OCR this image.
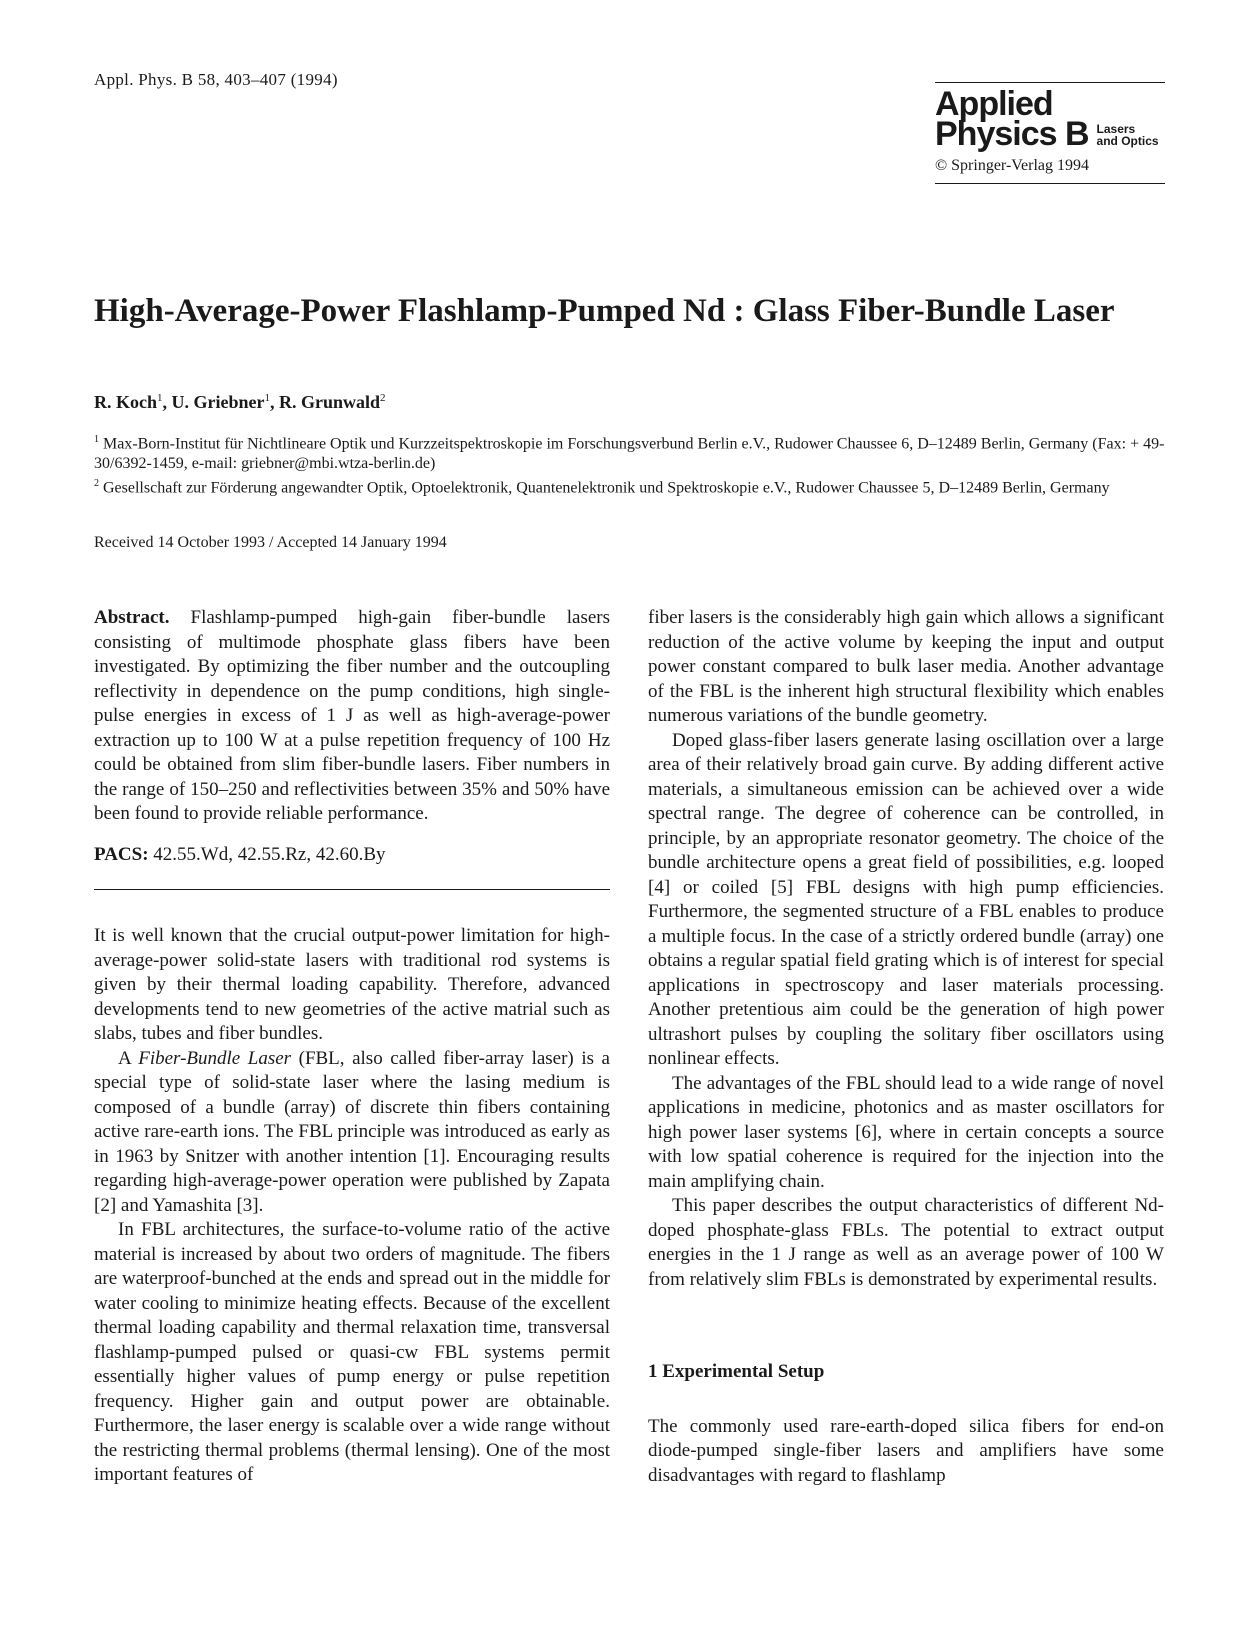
Appl. Phys. B 58, 403–407 (1994)
Applied
Physics B Lasers
and Optics
© Springer-Verlag 1994
High-Average-Power Flashlamp-Pumped Nd : Glass Fiber-Bundle Laser
R. Koch$^1$, U. Griebner$^1$, R. Grunwald$^2$

$^1$ Max-Born-Institut für Nichtlineare Optik und Kurzzeitspektroskopie im Forschungsverbund Berlin e.V., Rudower Chaussee 6, D–12489 Berlin, Germany (Fax: + 49-30/6392-1459, e-mail: griebner@mbi.wtza-berlin.de)

$^2$ Gesellschaft zur Förderung angewandter Optik, Optoelektronik, Quantenelektronik und Spektroskopie e.V., Rudower Chaussee 5, D–12489 Berlin, Germany

Received 14 October 1993 / Accepted 14 January 1994

Abstract. Flashlamp-pumped high-gain fiber-bundle lasers consisting of multimode phosphate glass fibers have been investigated. By optimizing the fiber number and the outcoupling reflectivity in dependence on the pump conditions, high single-pulse energies in excess of 1 J as well as high-average-power extraction up to 100 W at a pulse repetition frequency of 100 Hz could be obtained from slim fiber-bundle lasers. Fiber numbers in the range of 150–250 and reflectivities between 35% and 50% have been found to provide reliable performance.

PACS: 42.55.Wd, 42.55.Rz, 42.60.By

It is well known that the crucial output-power limitation for high-average-power solid-state lasers with traditional rod systems is given by their thermal loading capability. Therefore, advanced developments tend to new geometries of the active matrial such as slabs, tubes and fiber bundles.

A Fiber-Bundle Laser (FBL, also called fiber-array laser) is a special type of solid-state laser where the lasing medium is composed of a bundle (array) of discrete thin fibers containing active rare-earth ions. The FBL principle was introduced as early as in 1963 by Snitzer with another intention [1]. Encouraging results regarding high-average-power operation were published by Zapata [2] and Yamashita [3].

In FBL architectures, the surface-to-volume ratio of the active material is increased by about two orders of magnitude. The fibers are waterproof-bunched at the ends and spread out in the middle for water cooling to minimize heating effects. Because of the excellent thermal loading capability and thermal relaxation time, transversal flashlamp-pumped pulsed or quasi-cw FBL systems permit essentially higher values of pump energy or pulse repetition frequency. Higher gain and output power are obtainable. Furthermore, the laser energy is scalable over a wide range without the restricting thermal problems (thermal lensing). One of the most important features of

fiber lasers is the considerably high gain which allows a significant reduction of the active volume by keeping the input and output power constant compared to bulk laser media. Another advantage of the FBL is the inherent high structural flexibility which enables numerous variations of the bundle geometry.

Doped glass-fiber lasers generate lasing oscillation over a large area of their relatively broad gain curve. By adding different active materials, a simultaneous emission can be achieved over a wide spectral range. The degree of coherence can be controlled, in principle, by an appropriate resonator geometry. The choice of the bundle architecture opens a great field of possibilities, e.g. looped [4] or coiled [5] FBL designs with high pump efficiencies. Furthermore, the segmented structure of a FBL enables to produce a multiple focus. In the case of a strictly ordered bundle (array) one obtains a regular spatial field grating which is of interest for special applications in spectroscopy and laser materials processing. Another pretentious aim could be the generation of high power ultrashort pulses by coupling the solitary fiber oscillators using nonlinear effects.

The advantages of the FBL should lead to a wide range of novel applications in medicine, photonics and as master oscillators for high power laser systems [6], where in certain concepts a source with low spatial coherence is required for the injection into the main amplifying chain.

This paper describes the output characteristics of different Nd-doped phosphate-glass FBLs. The potential to extract output energies in the 1 J range as well as an average power of 100 W from relatively slim FBLs is demonstrated by experimental results.

1 Experimental Setup

The commonly used rare-earth-doped silica fibers for end-on diode-pumped single-fiber lasers and amplifiers have some disadvantages with regard to flashlamp
